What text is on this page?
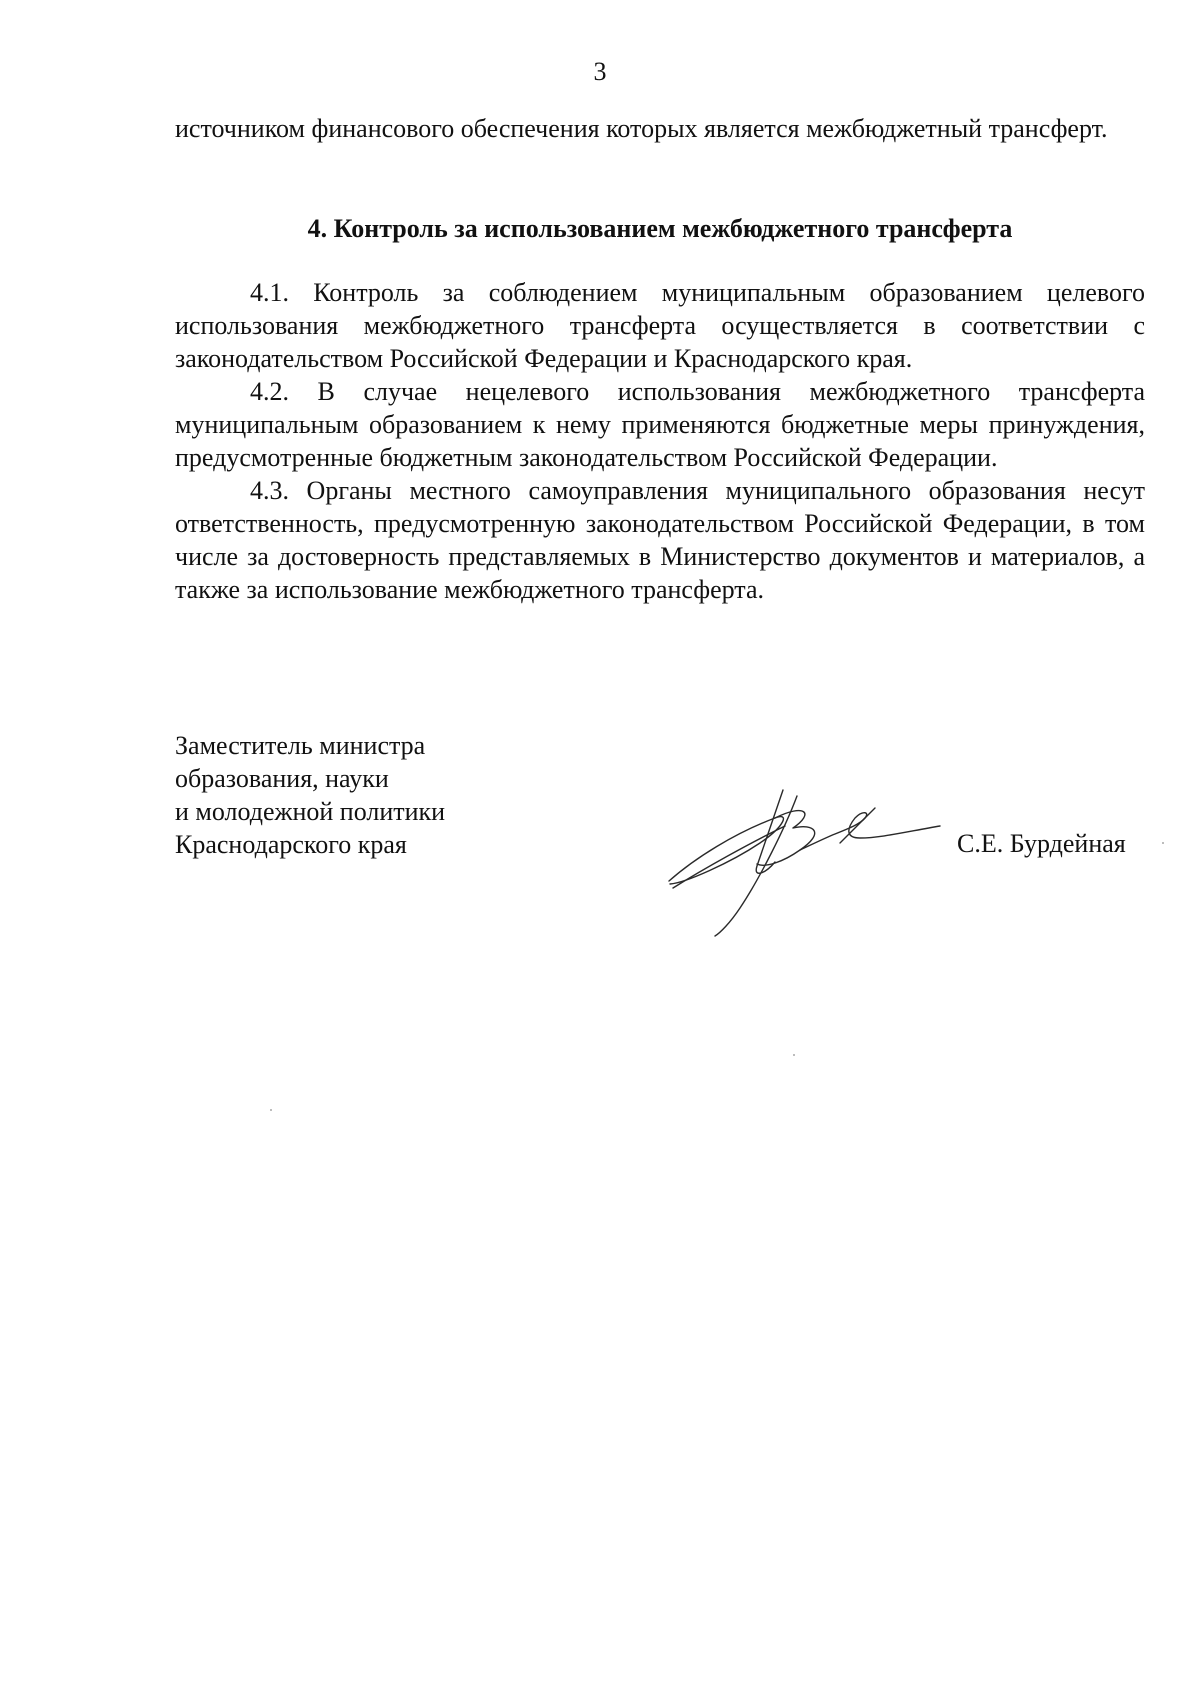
3
источником финансового обеспечения которых является межбюджетный трансферт.
4. Контроль за использованием межбюджетного трансферта

4.1. Контроль за соблюдением муниципальным образованием целевого использования межбюджетного трансферта осуществляется в соответствии с законодательством Российской Федерации и Краснодарского края.

4.2. В случае нецелевого использования межбюджетного трансферта муниципальным образованием к нему применяются бюджетные меры принуждения, предусмотренные бюджетным законодательством Российской Федерации.

4.3. Органы местного самоуправления муниципального образования несут ответственность, предусмотренную законодательством Российской Федерации, в том числе за достоверность представляемых в Министерство документов и материалов, а также за использование межбюджетного трансферта.

Заместитель министра
образования, науки
и молодежной политики
Краснодарского края	С.Е. Бурдейная
